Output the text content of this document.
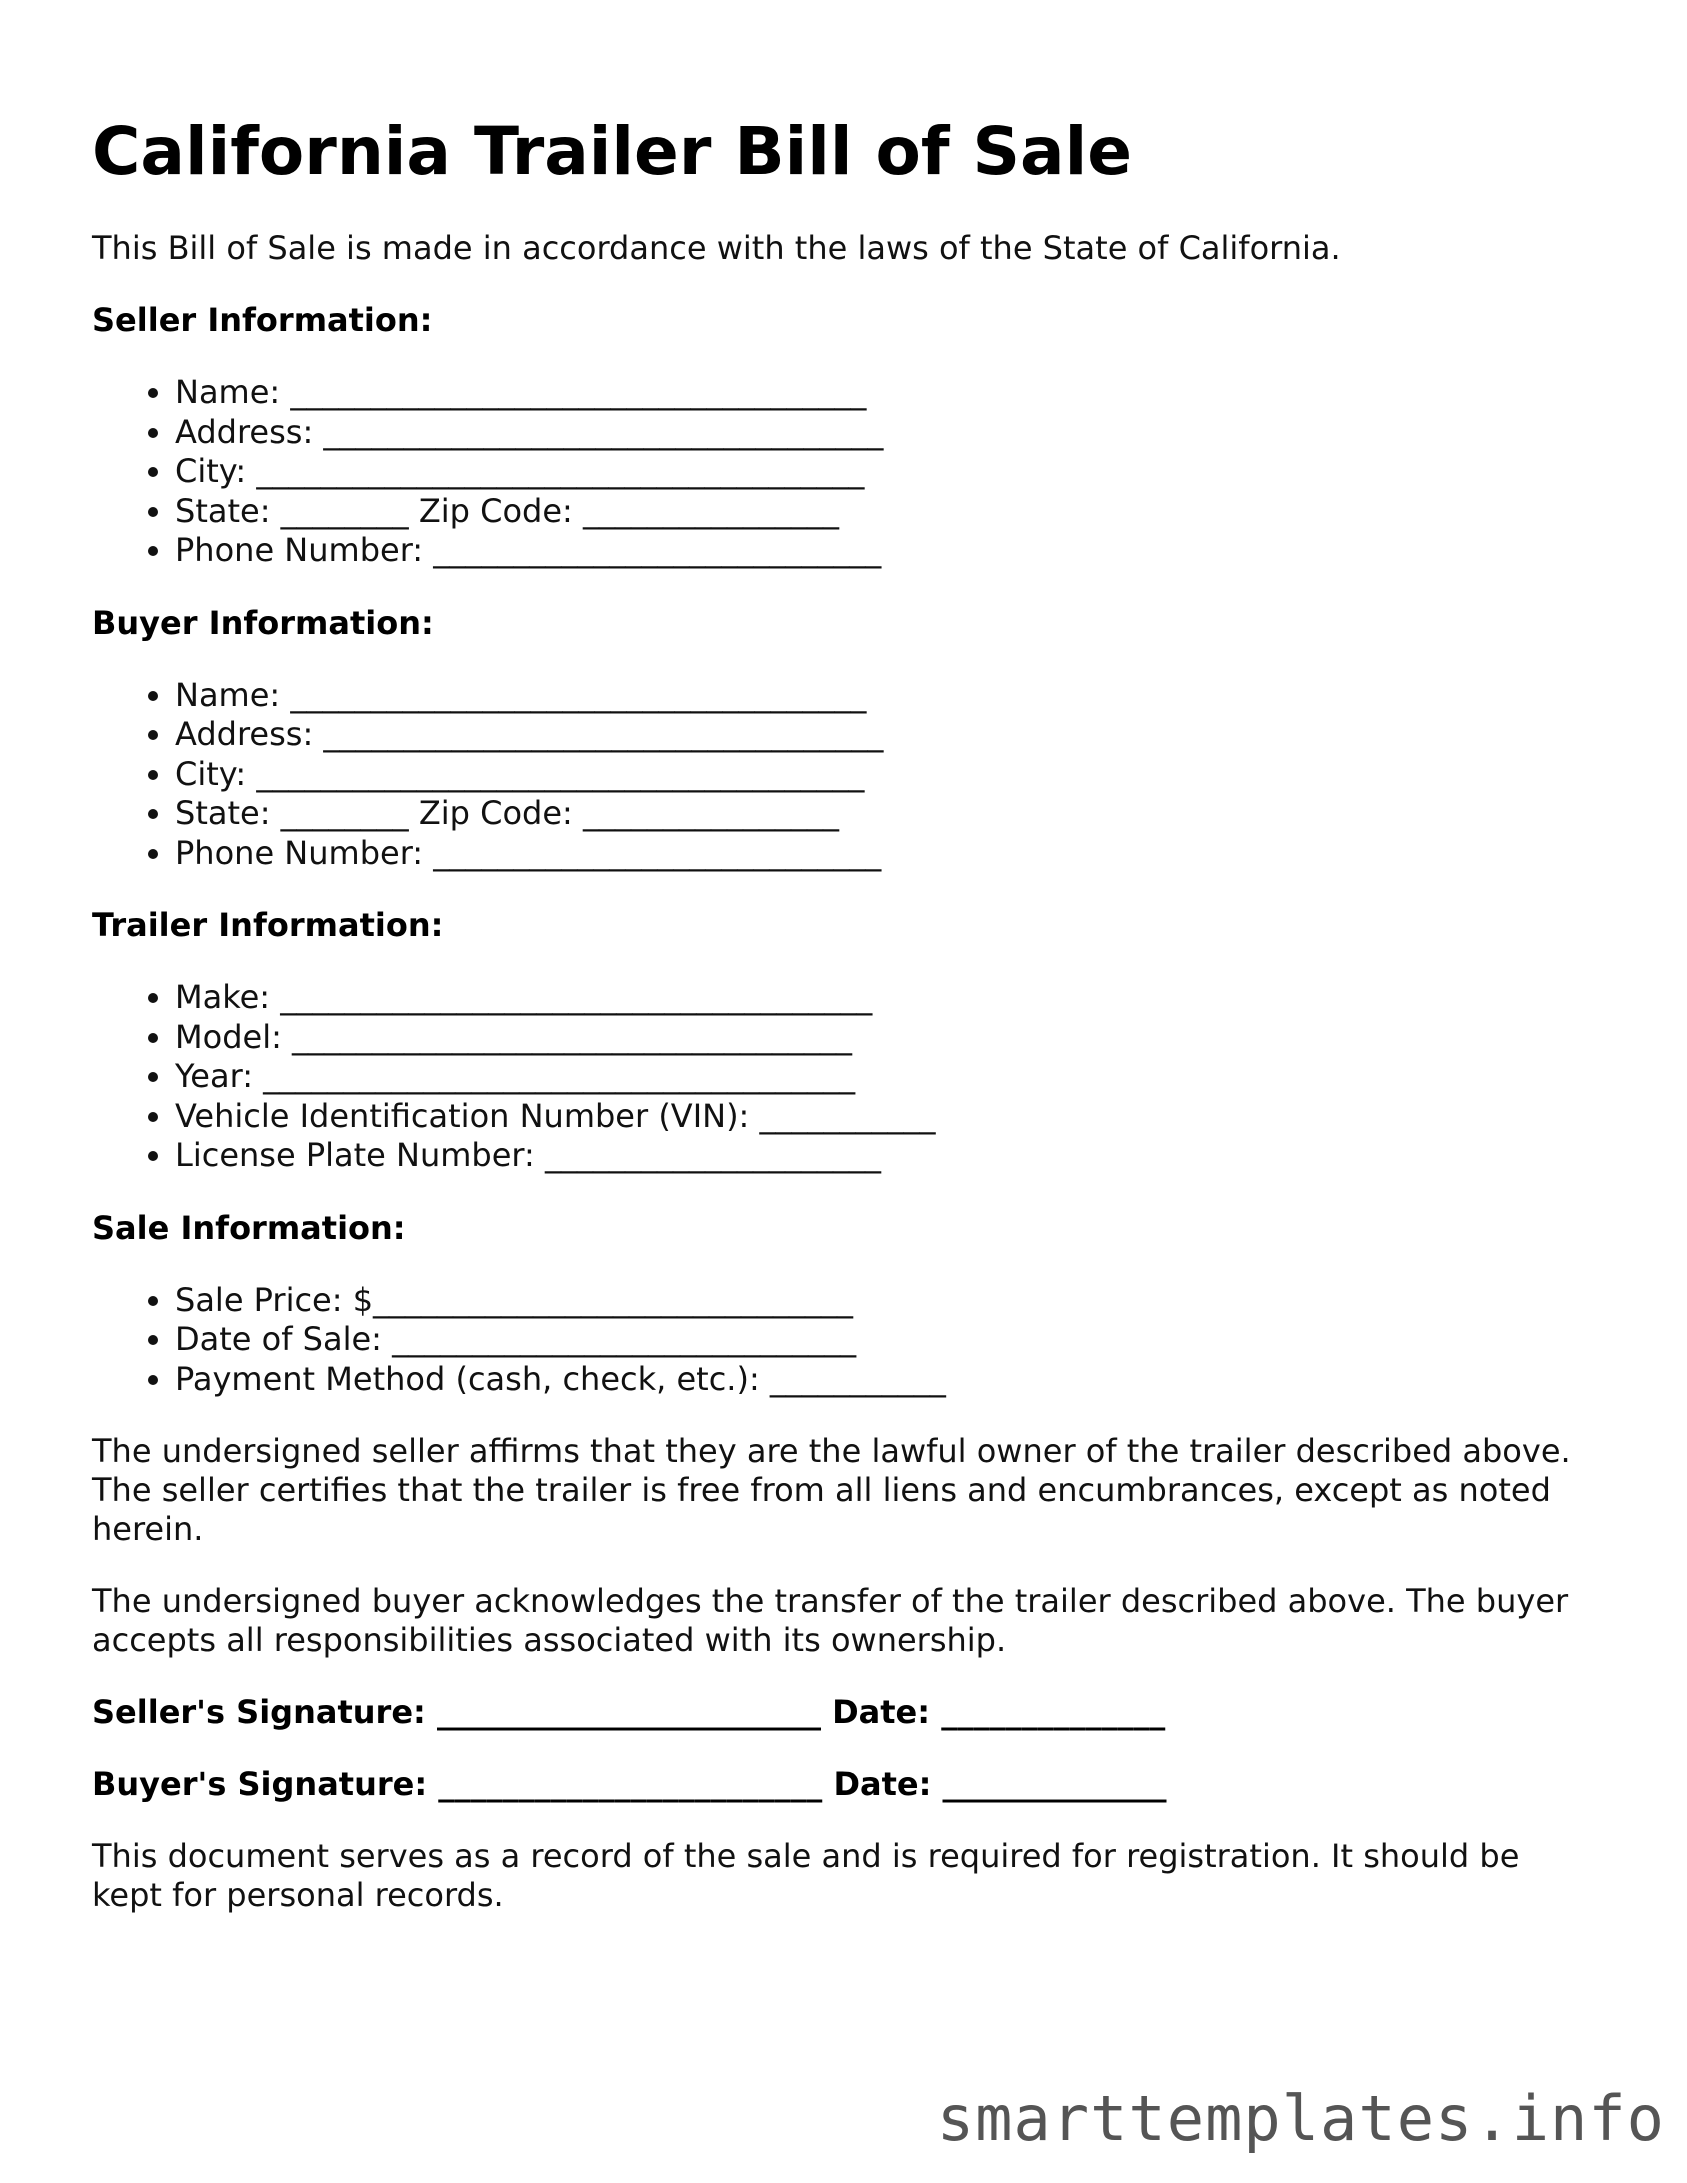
California Trailer Bill of Sale

This Bill of Sale is made in accordance with the laws of the State of California.

Seller Information:
• Name: ____________________________________
• Address: ___________________________________
• City: ______________________________________
• State: ________ Zip Code: ________________
• Phone Number: ____________________________
Buyer Information:
• Name: ____________________________________
• Address: ___________________________________
• City: ______________________________________
• State: ________ Zip Code: ________________
• Phone Number: ____________________________
Trailer Information:
• Make: _____________________________________
• Model: ___________________________________
• Year: _____________________________________
• Vehicle Identification Number (VIN): ___________
• License Plate Number: _____________________
Sale Information:
• Sale Price: $______________________________
• Date of Sale: _____________________________
• Payment Method (cash, check, etc.): ___________

The undersigned seller affirms that they are the lawful owner of the trailer described above. The seller certifies that the trailer is free from all liens and encumbrances, except as noted herein.

The undersigned buyer acknowledges the transfer of the trailer described above. The buyer accepts all responsibilities associated with its ownership.

Seller's Signature: ________________________ Date: ______________
Buyer's Signature: ________________________ Date: ______________

This document serves as a record of the sale and is required for registration. It should be kept for personal records.

smarttemplates.info
